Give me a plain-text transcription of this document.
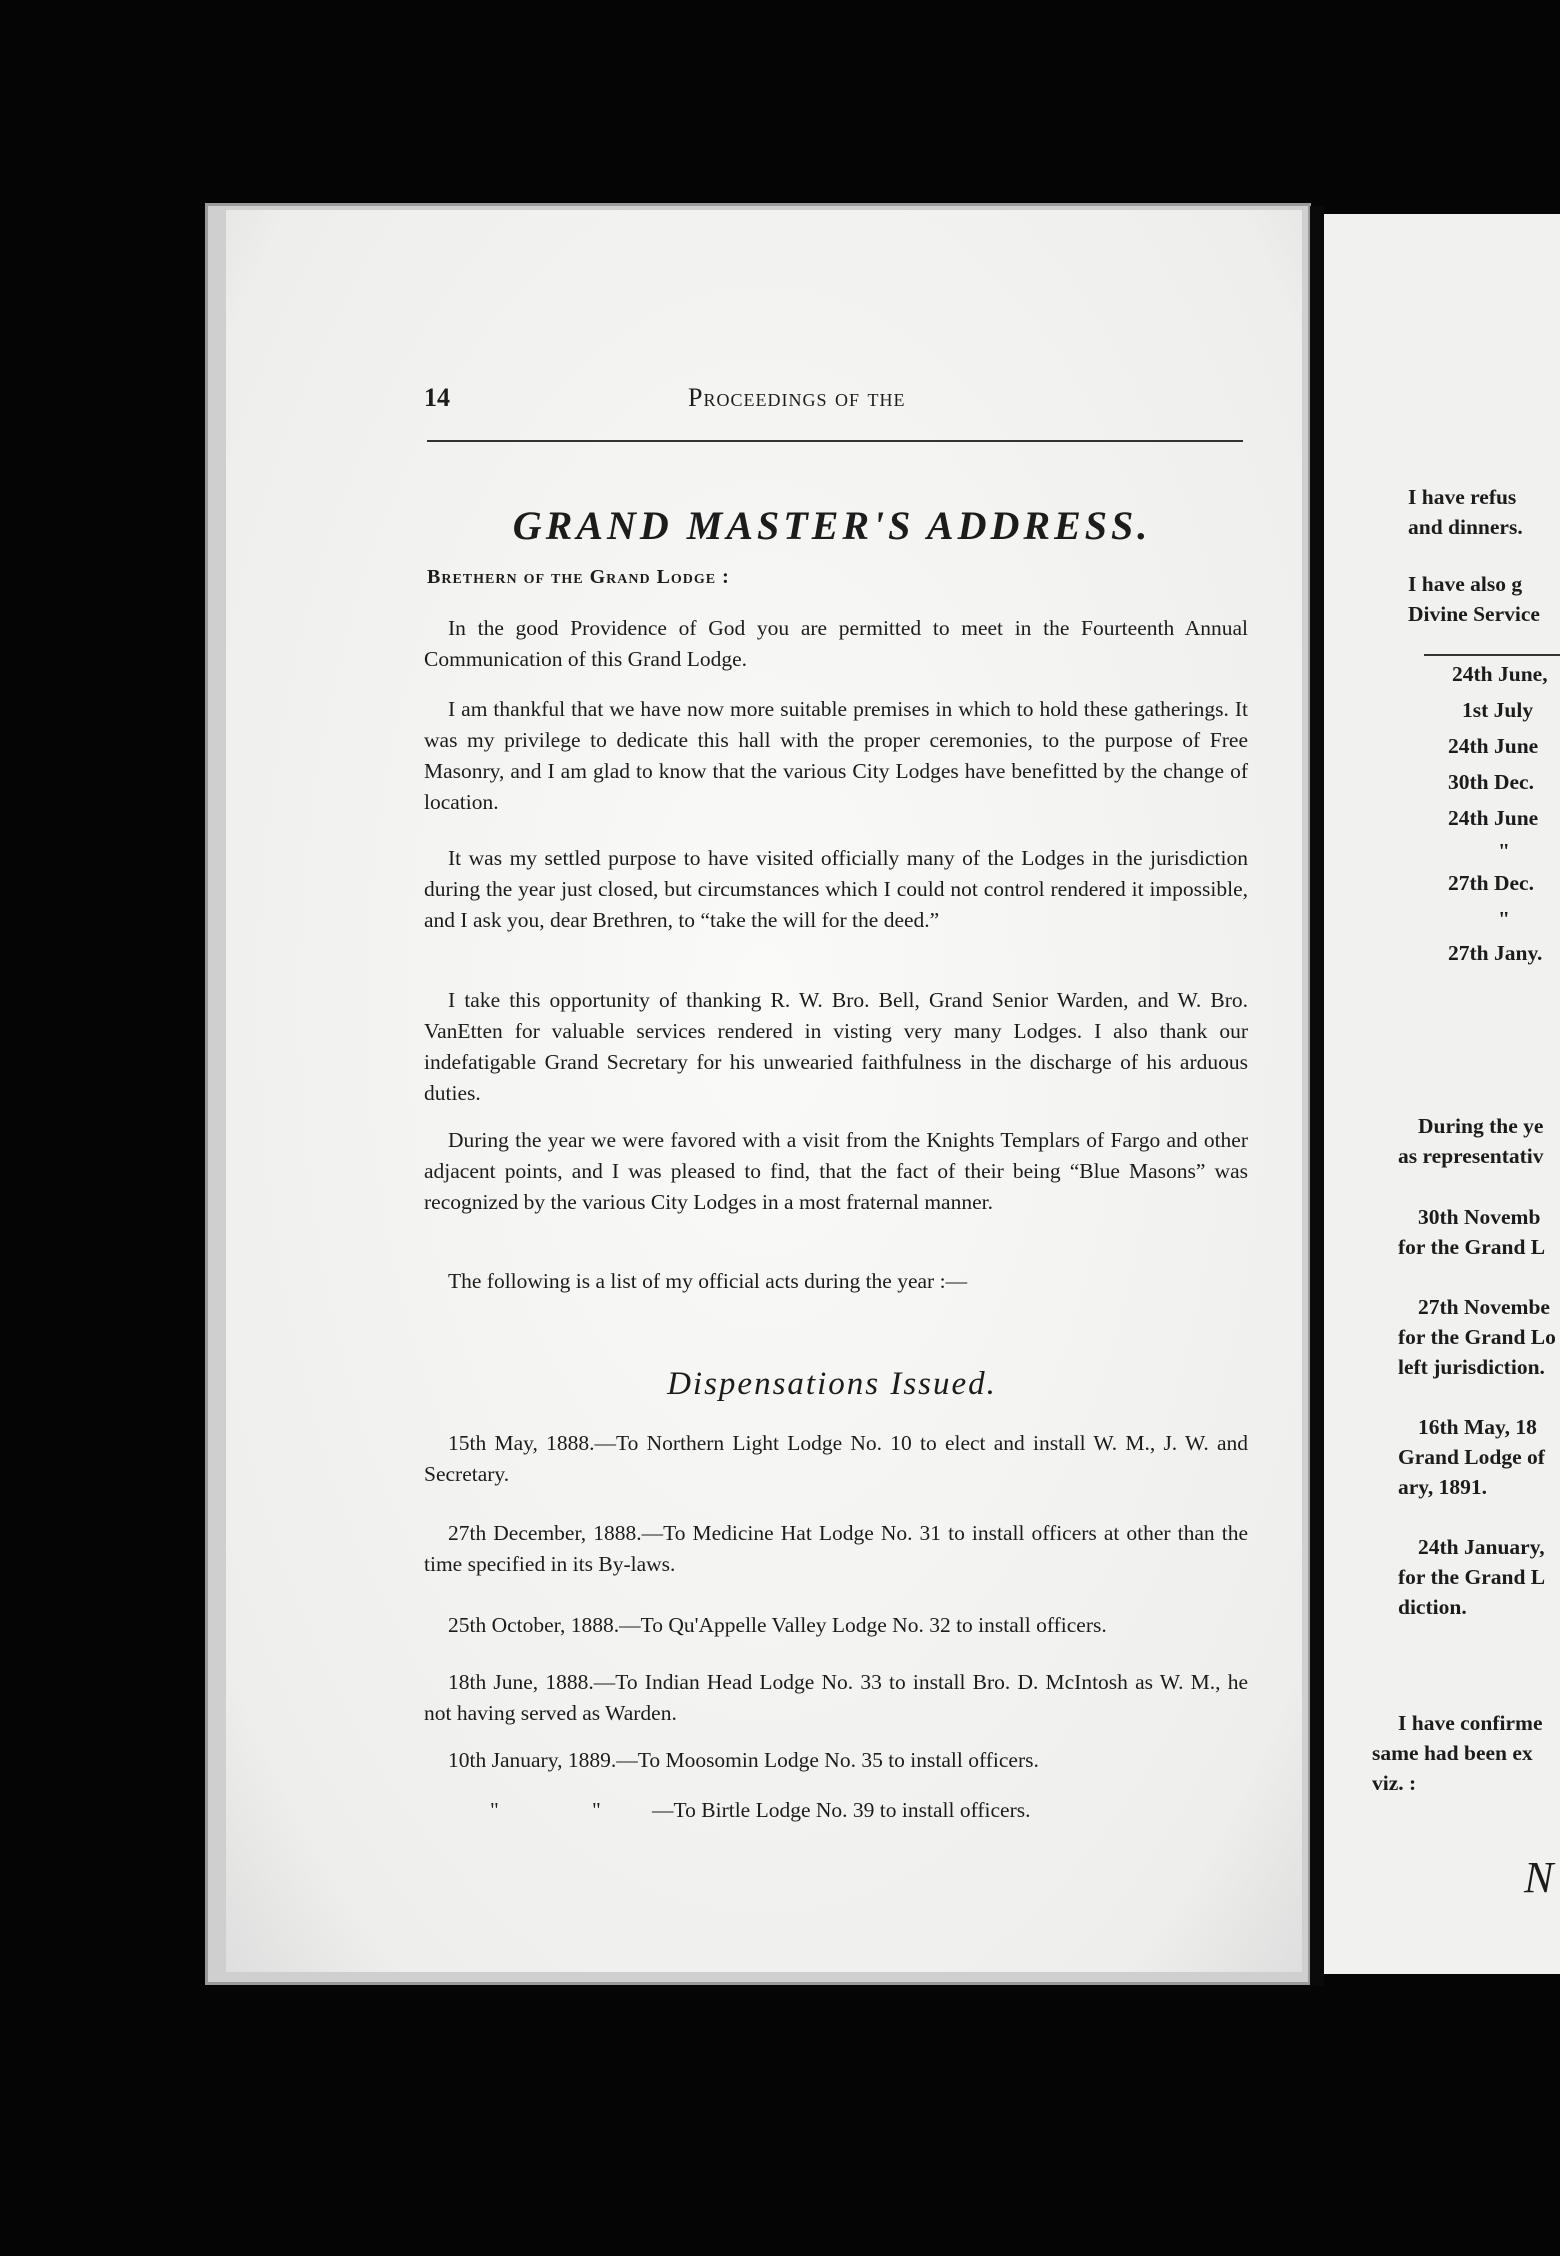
I have refus
and dinners.
I have also g
Divine Service
24th June,
1st July
24th June
30th Dec.
24th June
"
27th Dec.
"
27th Jany.
During the ye
as representativ
30th Novemb
for the Grand L
27th Novembe
for the Grand Lo
left jurisdiction.
16th May, 18
Grand Lodge of
ary, 1891.
24th January,
for the Grand L
diction.
N
I have confirme
same had been ex
viz. :
14	Proceedings of the
GRAND MASTER'S ADDRESS.
Brethern of the Grand Lodge :
In the good Providence of God you are permitted to meet in the Fourteenth Annual Communication of this Grand Lodge.
I am thankful that we have now more suitable premises in which to hold these gatherings. It was my privilege to dedicate this hall with the proper ceremonies, to the purpose of Free Masonry, and I am glad to know that the various City Lodges have benefitted by the change of location.
It was my settled purpose to have visited officially many of the Lodges in the jurisdiction during the year just closed, but circumstances which I could not control rendered it impossible, and I ask you, dear Brethren, to “take the will for the deed.”
I take this opportunity of thanking R. W. Bro. Bell, Grand Senior Warden, and W. Bro. VanEtten for valuable services rendered in visting very many Lodges. I also thank our indefatigable Grand Secretary for his unwearied faithfulness in the discharge of his arduous duties.
During the year we were favored with a visit from the Knights Templars of Fargo and other adjacent points, and I was pleased to find, that the fact of their being “Blue Masons” was recognized by the various City Lodges in a most fraternal manner.
The following is a list of my official acts during the year :—
Dispensations Issued.
15th May, 1888.—To Northern Light Lodge No. 10 to elect and install W. M., J. W. and Secretary.
27th December, 1888.—To Medicine Hat Lodge No. 31 to install officers at other than the time specified in its By-laws.
25th October, 1888.—To Qu'Appelle Valley Lodge No. 32 to install officers.
18th June, 1888.—To Indian Head Lodge No. 33 to install Bro. D. McIntosh as W. M., he not having served as Warden.
10th January, 1889.—To Moosomin Lodge No. 35 to install officers.
"	" —To Birtle Lodge No. 39 to install officers.
